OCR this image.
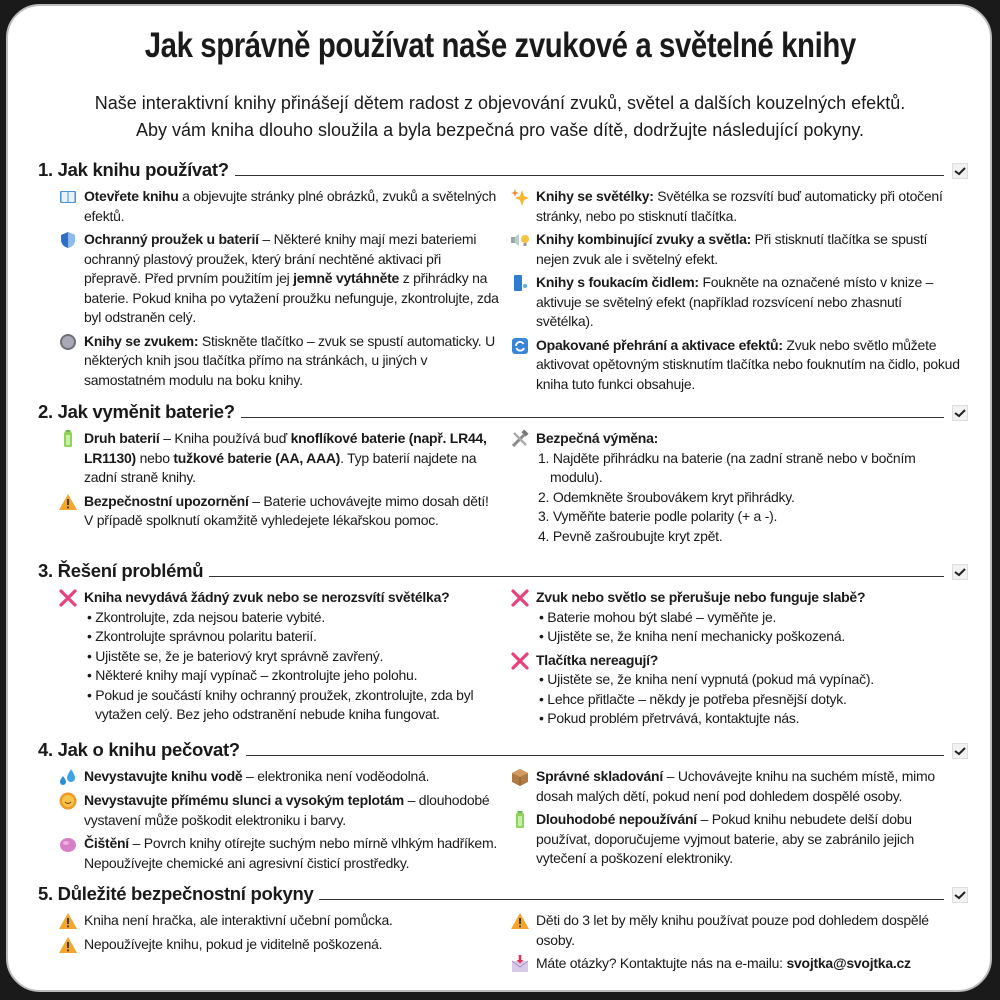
Jak správně používat naše zvukové a světelné knihy
Naše interaktivní knihy přinášejí dětem radost z objevování zvuků, světel a dalších kouzelných efektů.
Aby vám kniha dlouho sloužila a byla bezpečná pro vaše dítě, dodržujte následující pokyny.
1. Jak knihu používat?
Otevřete knihu a objevujte stránky plné obrázků, zvuků a světelných efektů.
Ochranný proužek u baterií – Některé knihy mají mezi bateriemi ochranný plastový proužek, který brání nechtěné aktivaci při přepravě. Před prvním použitím jej jemně vytáhněte z přihrádky na baterie. Pokud kniha po vytažení proužku nefunguje, zkontrolujte, zda byl odstraněn celý.
Knihy se zvukem: Stiskněte tlačítko – zvuk se spustí automaticky. U některých knih jsou tlačítka přímo na stránkách, u jiných v samostatném modulu na boku knihy.
Knihy se světélky: Světélka se rozsvítí buď automaticky při otočení stránky, nebo po stisknutí tlačítka.
Knihy kombinující zvuky a světla: Při stisknutí tlačítka se spustí nejen zvuk ale i světelný efekt.
Knihy s foukacím čidlem: Foukněte na označené místo v knize – aktivuje se světelný efekt (například rozsvícení nebo zhasnutí světélka).
Opakované přehrání a aktivace efektů: Zvuk nebo světlo můžete aktivovat opětovným stisknutím tlačítka nebo fouknutím na čidlo, pokud kniha tuto funkci obsahuje.
2. Jak vyměnit baterie?
Druh baterií – Kniha používá buď knoflíkové baterie (např. LR44, LR1130) nebo tužkové baterie (AA, AAA). Typ baterií najdete na zadní straně knihy.
Bezpečnostní upozornění – Baterie uchovávejte mimo dosah dětí! V případě spolknutí okamžitě vyhledejete lékařskou pomoc.
Bezpečná výměna:
1. Najděte přihrádku na baterie (na zadní straně nebo v bočním modulu).
2. Odemkněte šroubovákem kryt přihrádky.
3. Vyměňte baterie podle polarity (+ a -).
4. Pevně zašroubujte kryt zpět.
3. Řešení problémů
Kniha nevydává žádný zvuk nebo se nerozsvítí světélka?
• Zkontrolujte, zda nejsou baterie vybité.
• Zkontrolujte správnou polaritu baterií.
• Ujistěte se, že je bateriový kryt správně zavřený.
• Některé knihy mají vypínač – zkontrolujte jeho polohu.
• Pokud je součástí knihy ochranný proužek, zkontrolujte, zda byl vytažen celý. Bez jeho odstranění nebude kniha fungovat.
Zvuk nebo světlo se přerušuje nebo funguje slabě?
• Baterie mohou být slabé – vyměňte je.
• Ujistěte se, že kniha není mechanicky poškozená.
Tlačítka nereagují?
• Ujistěte se, že kniha není vypnutá (pokud má vypínač).
• Lehce přitlačte – někdy je potřeba přesnější dotyk.
• Pokud problém přetrvává, kontaktujte nás.
4. Jak o knihu pečovat?
Nevystavujte knihu vodě – elektronika není voděodolná.
Nevystavujte přímému slunci a vysokým teplotám – dlouhodobé vystavení může poškodit elektroniku i barvy.
Čištění – Povrch knihy otírejte suchým nebo mírně vlhkým hadříkem. Nepoužívejte chemické ani agresivní čisticí prostředky.
Správné skladování – Uchovávejte knihu na suchém místě, mimo dosah malých dětí, pokud není pod dohledem dospělé osoby.
Dlouhodobé nepoužívání – Pokud knihu nebudete delší dobu používat, doporučujeme vyjmout baterie, aby se zabránilo jejich vytečení a poškození elektroniky.
5. Důležité bezpečnostní pokyny
Kniha není hračka, ale interaktivní učební pomůcka.
Nepoužívejte knihu, pokud je viditelně poškozená.
Děti do 3 let by měly knihu používat pouze pod dohledem dospělé osoby.
Máte otázky? Kontaktujte nás na e-mailu: svojtka@svojtka.cz
